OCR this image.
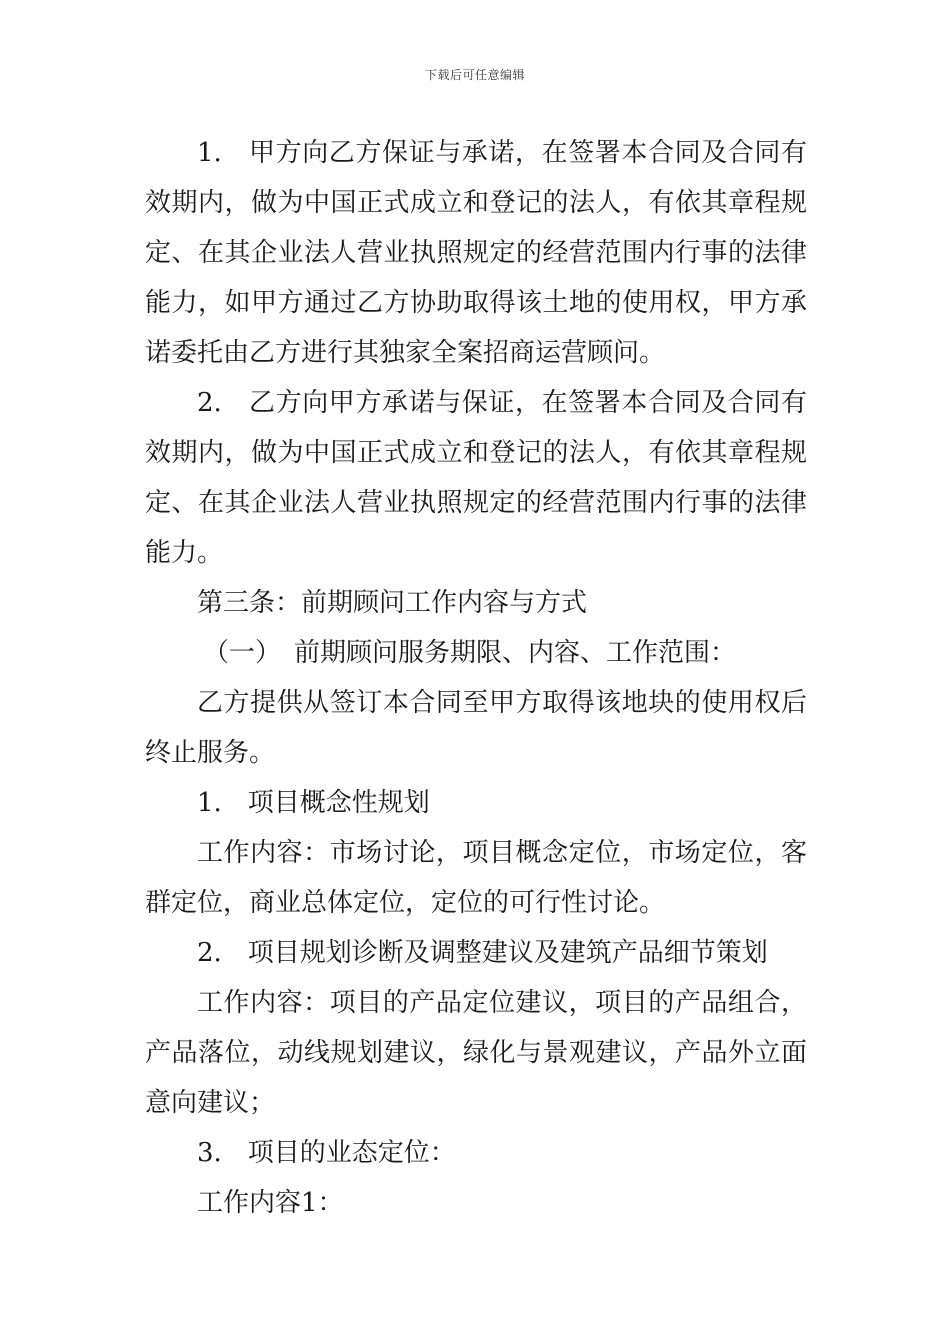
下载后可任意编辑

1.　甲方向乙方保证与承诺，在签署本合同及合同有效期内，做为中国正式成立和登记的法人，有依其章程规定、在其企业法人营业执照规定的经营范围内行事的法律能力，如甲方通过乙方协助取得该土地的使用权，甲方承诺委托由乙方进行其独家全案招商运营顾问。

2.　乙方向甲方承诺与保证，在签署本合同及合同有效期内，做为中国正式成立和登记的法人，有依其章程规定、在其企业法人营业执照规定的经营范围内行事的法律能力。

第三条：前期顾问工作内容与方式

（一）　前期顾问服务期限、内容、工作范围：

乙方提供从签订本合同至甲方取得该地块的使用权后终止服务。

1.　项目概念性规划

工作内容：市场讨论，项目概念定位，市场定位，客群定位，商业总体定位，定位的可行性讨论。

2.　项目规划诊断及调整建议及建筑产品细节策划

工作内容：项目的产品定位建议，项目的产品组合，产品落位，动线规划建议，绿化与景观建议，产品外立面意向建议；

3.　项目的业态定位：

工作内容1：
